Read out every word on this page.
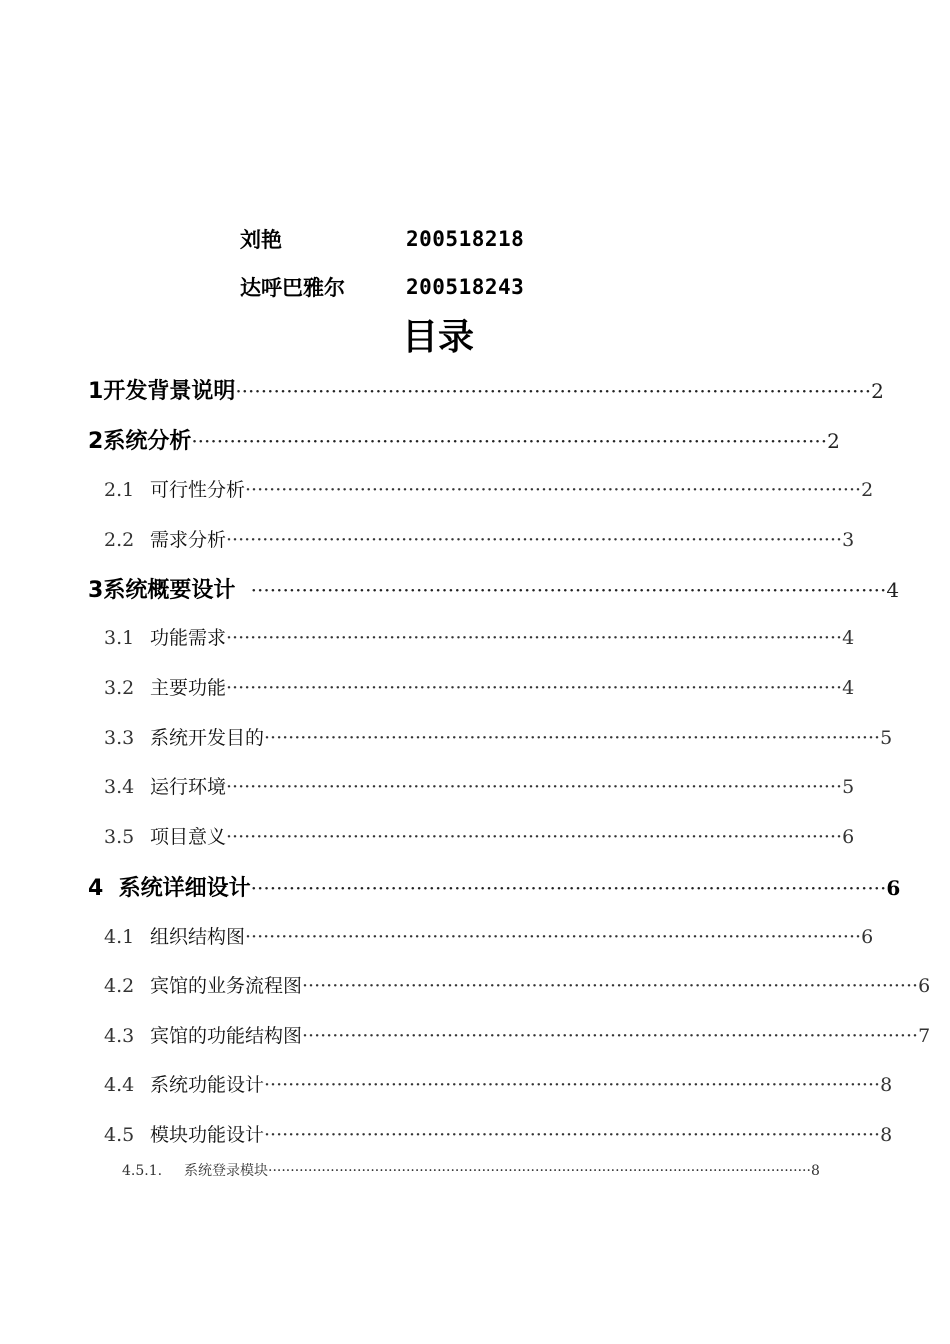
刘艳	200518218
达呼巴雅尔	200518243
目录
1开发背景说明 ···································································································· 2
2系统分析 ···································································································· 2
2.1 可行性分析 ······································································································ 2
2.2 需求分析 ······································································································ 3
3系统概要设计 ···································································································· 4
3.1 功能需求 ······································································································ 4
3.2 主要功能 ······································································································ 4
3.3 系统开发目的 ······································································································ 5
3.4 运行环境 ······································································································ 5
3.5 项目意义 ······································································································ 6
4 系统详细设计 ···································································································· 6
4.1 组织结构图 ······································································································ 6
4.2 宾馆的业务流程图 ······································································································ 6
4.3 宾馆的功能结构图 ······································································································ 7
4.4 系统功能设计 ······································································································ 8
4.5 模块功能设计 ······································································································ 8
4.5.1. 系统登录模块 ·························································································································· 8
